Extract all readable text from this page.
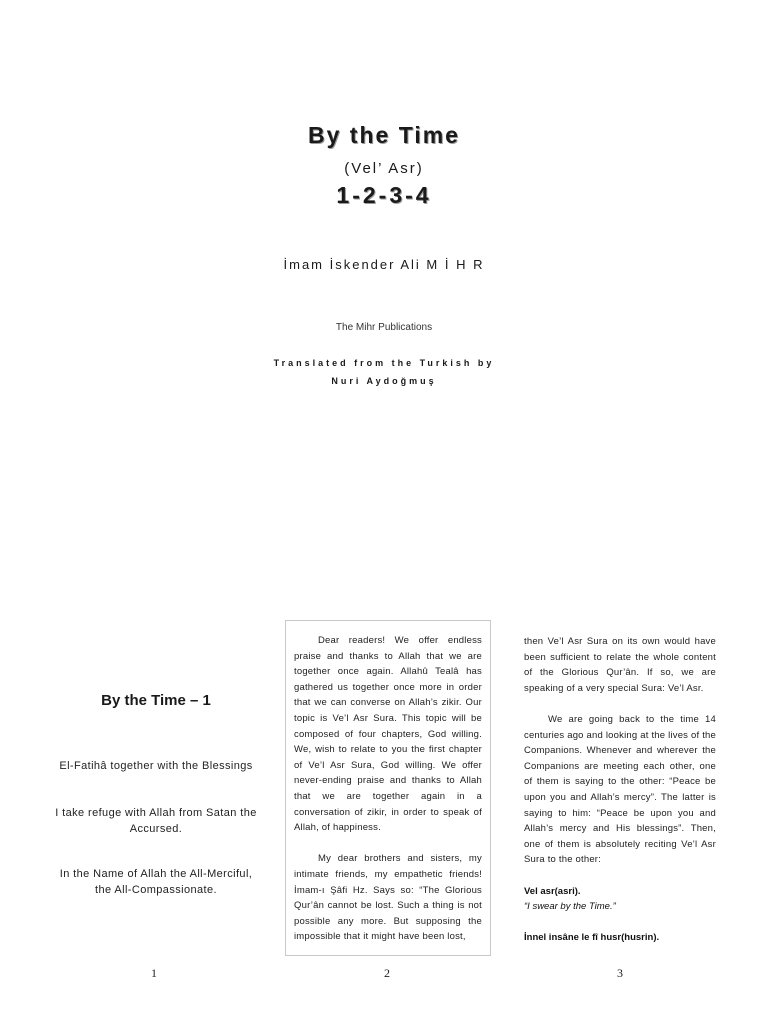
By the Time
(Vel’ Asr)
1-2-3-4
İmam İskender Ali M İ H R
The Mihr Publications
Translated from the Turkish by
Nuri Aydoğmuş
By the Time – 1
El-Fatihâ together with the Blessings
I take refuge with Allah from Satan the Accursed.
In the Name of Allah the All-Merciful, the All-Compassionate.

Dear readers! We offer endless praise and thanks to Allah that we are together once again. Allahû Tealâ has gathered us together once more in order that we can converse on Allah’s zikir. Our topic is Ve’l Asr Sura. This topic will be composed of four chapters, God willing. We, wish to relate to you the first chapter of Ve’l Asr Sura, God willing. We offer never-ending praise and thanks to Allah that we are together again in a conversation of zikir, in order to speak of Allah, of happiness.

My dear brothers and sisters, my intimate friends, my empathetic friends! İmam-ı Şâfi Hz. Says so: “The Glorious Qur’ân cannot be lost. Such a thing is not possible any more. But supposing the impossible that it might have been lost,

then Ve’l Asr Sura on its own would have been sufficient to relate the whole content of the Glorious Qur’ân. If so, we are speaking of a very special Sura: Ve’l Asr.

We are going back to the time 14 centuries ago and looking at the lives of the Companions. Whenever and wherever the Companions are meeting each other, one of them is saying to the other: “Peace be upon you and Allah’s mercy”. The latter is saying to him: “Peace be upon you and Allah’s mercy and His blessings”. Then, one of them is absolutely reciting Ve’l Asr Sura to the other:

Vel asr(asri).

“I swear by the Time.”

İnnel insâne le fî husr(husrin).

1	2	3
